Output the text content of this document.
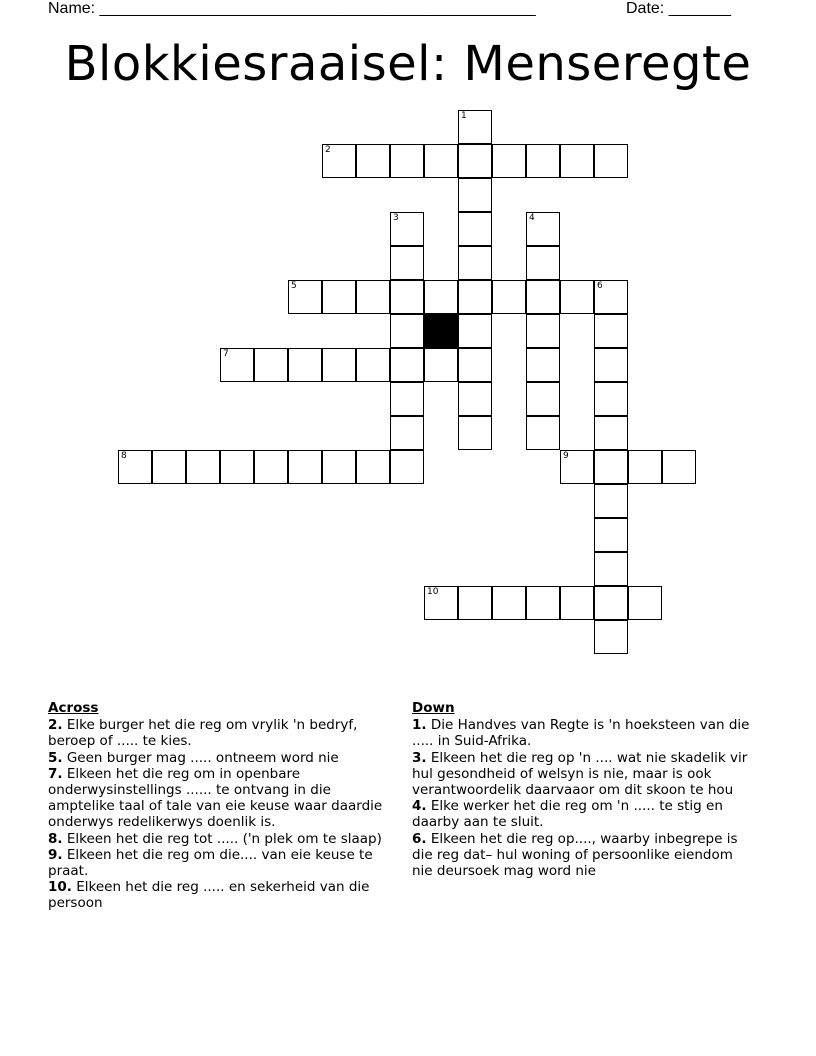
Name: _________________________________________________	Date: _______
Blokkiesraaisel: Menseregte
2
5	6
7
8	9
10
1
3	4
Across
2. Elke burger het die reg om vrylik 'n bedryf, beroep of ..... te kies.
5. Geen burger mag ..... ontneem word nie
7. Elkeen het die reg om in openbare onderwysinstellings ...... te ontvang in die amptelike taal of tale van eie keuse waar daardie onderwys redelikerwys doenlik is.
8. Elkeen het die reg tot ..... ('n plek om te slaap)
9. Elkeen het die reg om die.... van eie keuse te praat.
10. Elkeen het die reg ..... en sekerheid van die persoon
Down
1. Die Handves van Regte is 'n hoeksteen van die ..... in Suid-Afrika.
3. Elkeen het die reg op 'n .... wat nie skadelik vir hul gesondheid of welsyn is nie, maar is ook verantwoordelik daarvaaor om dit skoon te hou
4. Elke werker het die reg om 'n ..... te stig en daarby aan te sluit.
6. Elkeen het die reg op...., waarby inbegrepe is die reg dat– hul woning of persoonlike eiendom nie deursoek mag word nie
